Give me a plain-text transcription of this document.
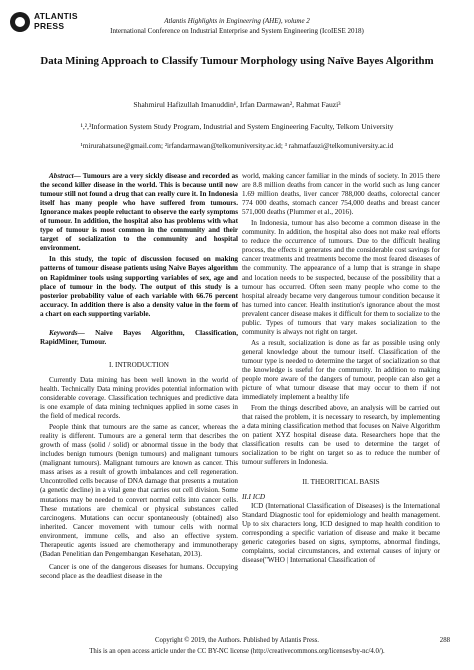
ATLANTIS
PRESS	Atlantis Highlights in Engineering (AHE), volume 2
International Conference on Industrial Enterprise and System Engineering (IcoIESE 2018)
Data Mining Approach to Classify Tumour Morphology using Naïve Bayes Algorithm
Shahmirul Hafizullah Imanuddin¹, Irfan Darmawan², Rahmat Fauzi³
¹,²,³Information System Study Program, Industrial and System Engineering Faculty, Telkom University
¹mirurahatsune@gmail.com; ²irfandarmawan@telkomuniversity.ac.id; ³ rahmatfauzi@telkomuniversity.ac.id

Abstract— Tumours are a very sickly disease and recorded as the second killer disease in the world. This is because until now tumour still not found a drug that can really cure it. In Indonesia itself has many people who have suffered from tumours. Ignorance makes people reluctant to observe the early symptoms of tumour. In addition, the hospital also has problems with what type of tumour is most common in the community and their target of socialization to the community and hospital environment.

In this study, the topic of discussion focused on making patterns of tumour disease patients using Naive Bayes algorithm on Rapidminer tools using supporting variables of sex, age and place of tumour in the body. The output of this study is a posterior probability value of each variable with 66.76 percent accuracy. In addition there is also a density value in the form of a chart on each supporting variable.

Keywords— Naive Bayes Algorithm, Classification, RapidMiner, Tumour.

I. INTRODUCTION

Currently Data mining has been well known in the world of health. Technically Data mining provides potential information with considerable coverage. Classification techniques and predictive data is one example of data mining techniques applied in some cases in the field of medical records.

People think that tumours are the same as cancer, whereas the reality is different. Tumours are a general term that describes the growth of mass (solid / solid) or abnormal tissue in the body that includes benign tumours (benign tumours) and malignant tumours (malignant tumours). Malignant tumours are known as cancer. This mass arises as a result of growth imbalances and cell regeneration. Uncontrolled cells because of DNA damage that presents a mutation (a genetic decline) in a vital gene that carries out cell division. Some mutations may be needed to convert normal cells into cancer cells. These mutations are chemical or physical substances called carcinogens. Mutations can occur spontaneously (obtained) also inherited. Cancer movement with tumour cells with normal environment, immune cells, and also an effective system. Therapeutic agents issued are chemotherapy and immunotherapy (Badan Penelitian dan Pengembangan Kesehatan, 2013).

Cancer is one of the dangerous diseases for humans. Occupying second place as the deadliest disease in the

world, making cancer familiar in the minds of society. In 2015 there are 8.8 million deaths from cancer in the world such as lung cancer 1.69 million deaths, liver cancer 788,000 deaths, colorectal cancer 774 000 deaths, stomach cancer 754,000 deaths and breast cancer 571,000 deaths (Plummer et al., 2016).

In Indonesia, tumour has also become a common disease in the community. In addition, the hospital also does not make real efforts to reduce the occurrence of tumours. Due to the difficult healing process, the effects it generates and the considerable cost savings for cancer treatments and treatments become the most feared diseases of the community. The appearance of a lump that is strange in shape and location needs to be suspected, because of the possibility that a tumour has occurred. Often seen many people who come to the hospital already became very dangerous tumour condition because it has turned into cancer. Health institution's ignorance about the most prevalent cancer disease makes it difficult for them to socialize to the public. Types of tumours that vary makes socialization to the community is always not right on target.

As a result, socialization is done as far as possible using only general knowledge about the tumour itself. Classification of the tumour type is needed to determine the target of socialization so that the knowledge is useful for the community. In addition to making people more aware of the dangers of tumour, people can also get a picture of what tumour disease that may occur to them if not immediately implement a healthy life

From the things described above, an analysis will be carried out that raised the problem, it is necessary to research, by implementing a data mining classification method that focuses on Naive Algorithm on patient XYZ hospital disease data. Researchers hope that the classification results can be used to determine the target of socialization to be right on target so as to reduce the number of tumour sufferers in Indonesia.

II. THEORITICAL BASIS
II.I ICD

ICD (International Classification of Diseases) is the International Standard Diagnostic tool for epidemiology and health management. Up to six characters long, ICD designed to map health condition to corresponding a specific variation of disease and make it became generic categories based on signs, symptoms, abnormal findings, complaints, social circumstances, and external causes of injury or disease("WHO | International Classification of

Copyright © 2019, the Authors. Published by Atlantis Press.	288
This is an open access article under the CC BY-NC license (http://creativecommons.org/licenses/by-nc/4.0/).
